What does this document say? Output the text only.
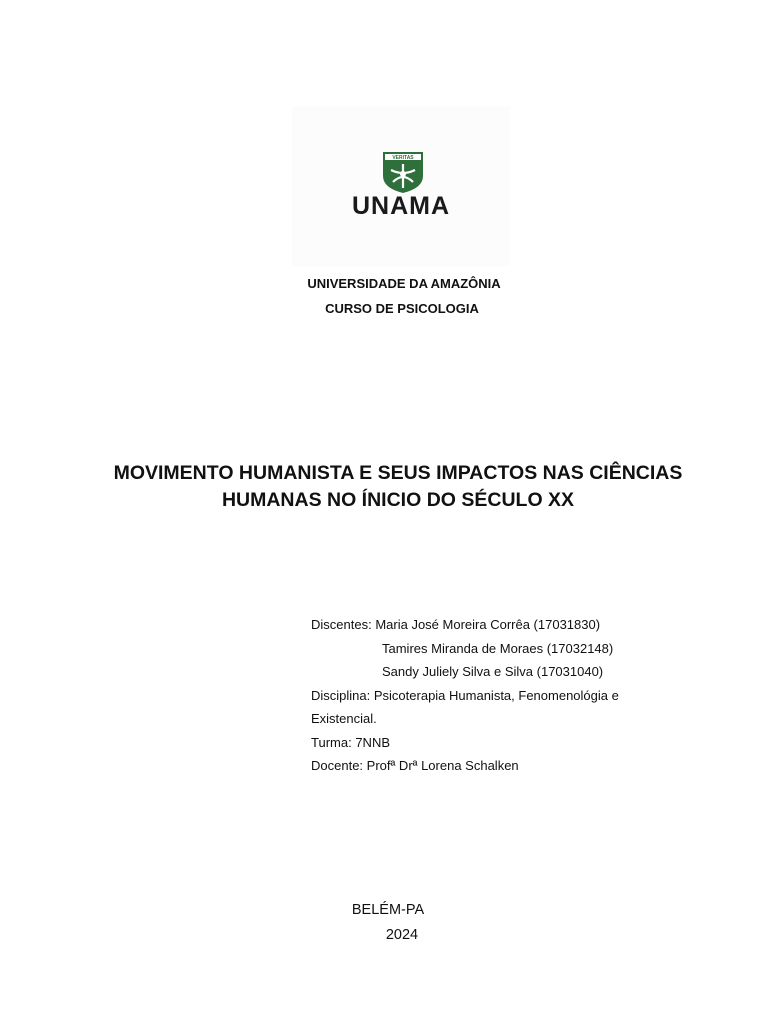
VERITAS
UNAMA
UNIVERSIDADE DA AMAZÔNIA
CURSO DE PSICOLOGIA
MOVIMENTO HUMANISTA E SEUS IMPACTOS NAS CIÊNCIAS
HUMANAS NO ÍNICIO DO SÉCULO XX
Discentes: Maria José Moreira Corrêa (17031830)
Tamires Miranda de Moraes (17032148)
Sandy Juliely Silva e Silva (17031040)
Disciplina: Psicoterapia Humanista, Fenomenológia e
Existencial.
Turma: 7NNB
Docente: Profª Drª Lorena Schalken
BELÉM-PA
2024
